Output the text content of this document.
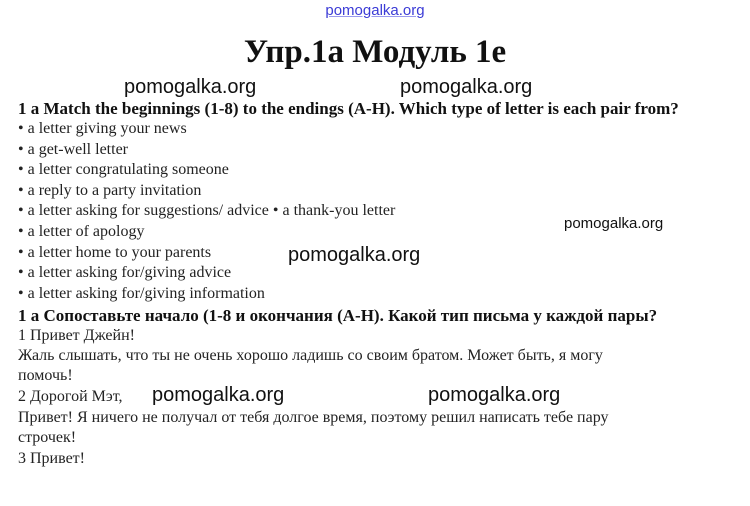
pomogalka.org
Упр.1а Модуль 1е
pomogalka.org	pomogalka.org
1 a Match the beginnings (1-8) to the endings (A-H). Which type of letter is each pair from?
• a letter giving your news
• a get-well letter
• a letter congratulating someone
• a reply to a party invitation
• a letter asking for suggestions/ advice • a thank-you letter
pomogalka.org
• a letter of apology
• a letter home to your parents	pomogalka.org
• a letter asking for/giving advice
• a letter asking for/giving information
1 а Сопоставьте начало (1-8 и окончания (A-H). Какой тип письма у каждой пары?
1 Привет Джейн!
Жаль слышать, что ты не очень хорошо ладишь со своим братом. Может быть, я могу
помочь!
2 Дорогой Мэт, pomogalka.org	pomogalka.org
Привет! Я ничего не получал от тебя долгое время, поэтому решил написать тебе пару
строчек!
3 Привет!
